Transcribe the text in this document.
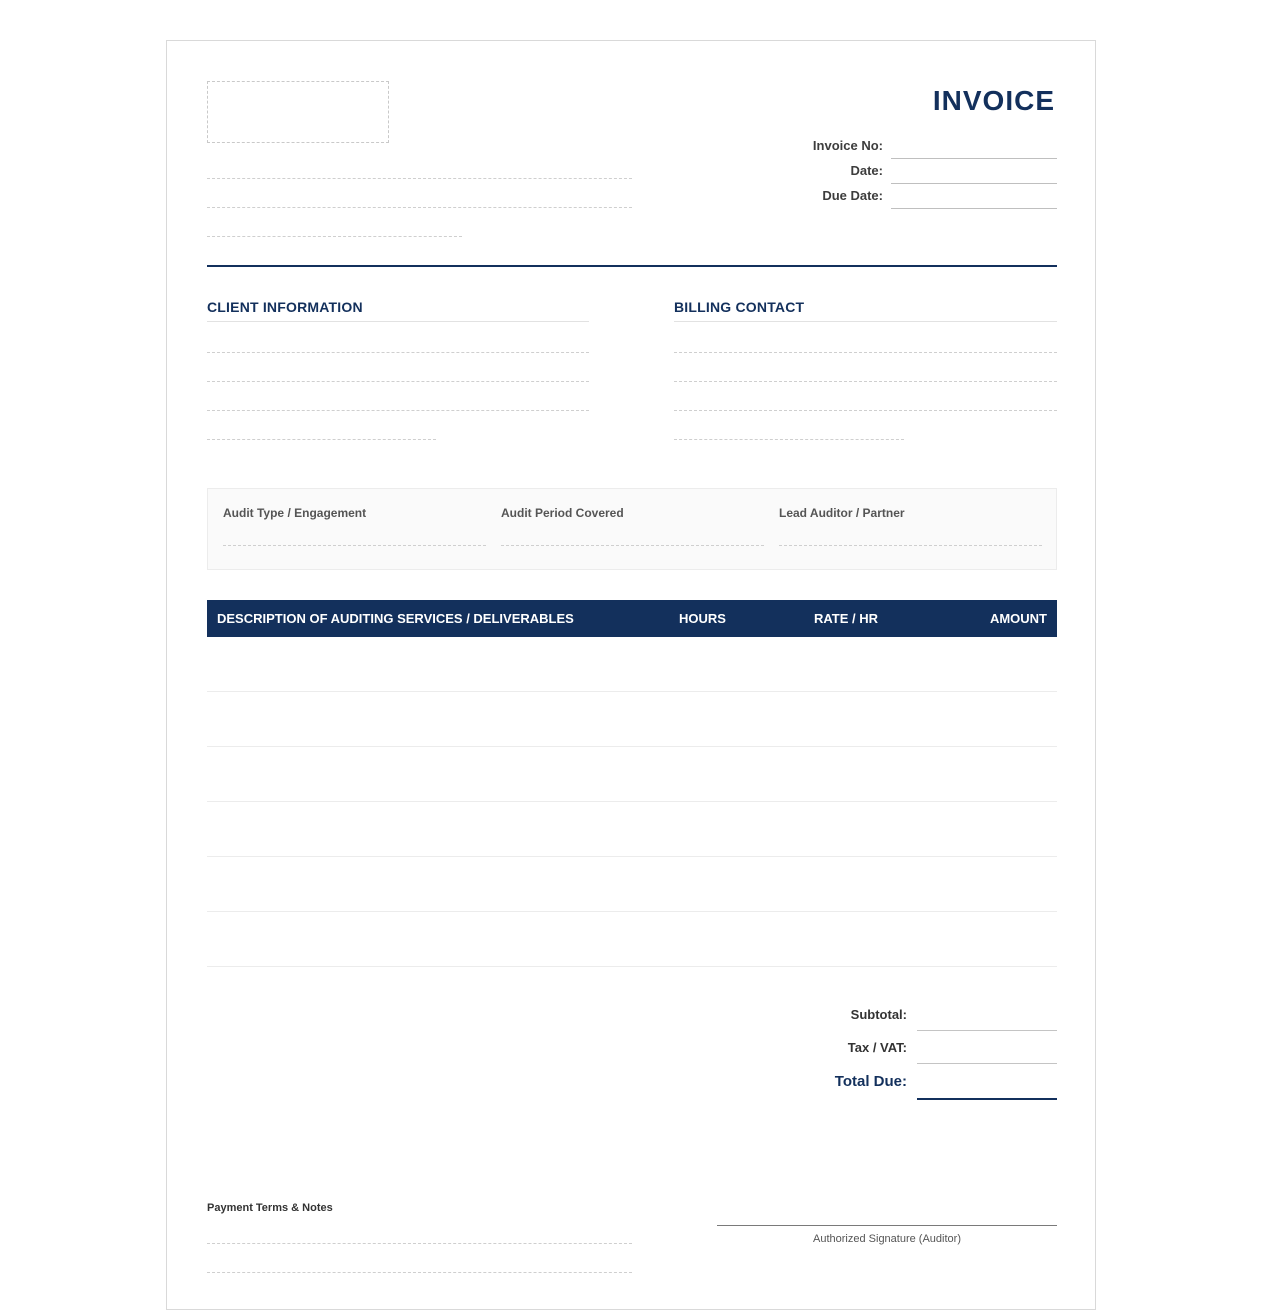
INVOICE
Invoice No:
Date:
Due Date:
CLIENT INFORMATION	BILLING CONTACT
Audit Type / Engagement	Audit Period Covered	Lead Auditor / Partner
DESCRIPTION OF AUDITING SERVICES / DELIVERABLES	HOURS	RATE / HR	AMOUNT
Subtotal:
Tax / VAT:
Total Due:
Payment Terms & Notes
Authorized Signature (Auditor)
